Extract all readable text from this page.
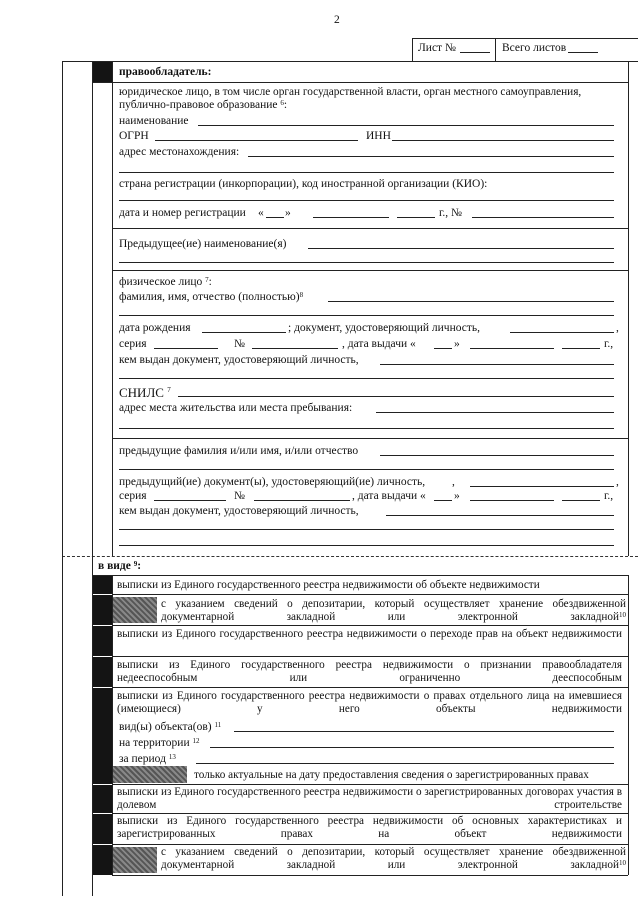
2
Лист №	Всего листов
правообладатель:
юридическое лицо, в том числе орган государственной власти, орган местного самоуправления,
публично-правовое образование $^6$:
наименование
ОГРН	ИНН
адрес местонахождения:
страна регистрации (инкорпорации), код иностранной организации (КИО):
дата и номер регистрации « »	г., №
Предыдущее(ие) наименование(я)
физическое лицо $^7$:
фамилия, имя, отчество (полностью)$^8$
дата рождения	; документ, удостоверяющий личность,	,
серия	№	, дата выдачи «	»	г.,
кем выдан документ, удостоверяющий личность,
СНИЛС $^7$
адрес места жительства или места пребывания:
предыдущие фамилия и/или имя, и/или отчество
предыдущий(ие) документ(ы), удостоверяющий(ие) личность, ,	,
серия	№	, дата выдачи « »	г.,
кем выдан документ, удостоверяющий личность,
в виде $^9$:
выписки из Единого государственного реестра недвижимости об объекте недвижимости
с указанием сведений о депозитарии, который осуществляет хранение обездвиженной документарной закладной или электронной закладной$^{10}$
выписки из Единого государственного реестра недвижимости о переходе прав на объект недвижимости
выписки из Единого государственного реестра недвижимости о признании правообладателя недееспособным или ограниченно дееспособным
выписки из Единого государственного реестра недвижимости о правах отдельного лица на имевшиеся (имеющиеся) у него объекты недвижимости
вид(ы) объекта(ов) $^{11}$
на территории $^{12}$
за период $^{13}$
только актуальные на дату предоставления сведения о зарегистрированных правах
выписки из Единого государственного реестра недвижимости о зарегистрированных договорах участия в долевом строительстве
выписки из Единого государственного реестра недвижимости об основных характеристиках и зарегистрированных правах на объект недвижимости
с указанием сведений о депозитарии, который осуществляет хранение обездвиженной документарной закладной или электронной закладной$^{10}$
